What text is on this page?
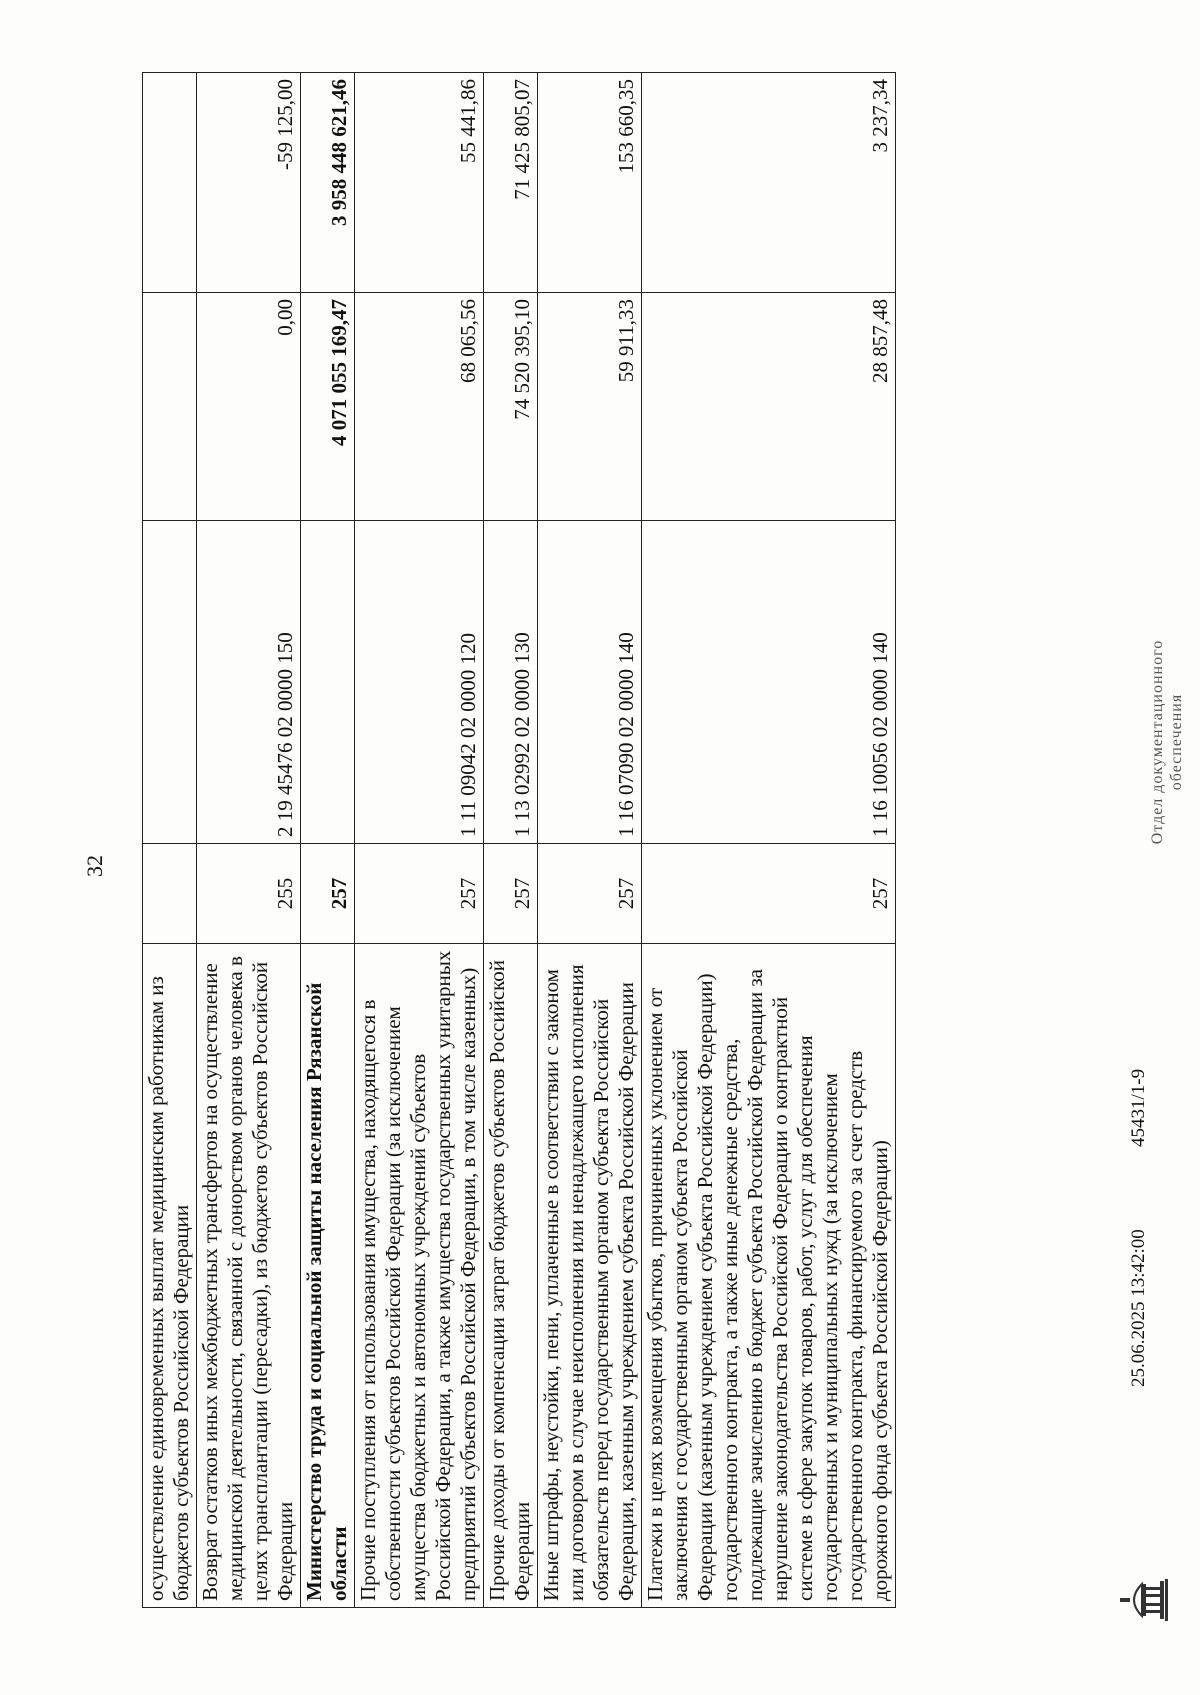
32
осуществление единовременных выплат медицинским работникам из бюджетов субъектов Российской Федерации				
Возврат остатков иных межбюджетных трансфертов на осуществление медицинской деятельности, связанной с донорством органов человека в целях трансплантации (пересадки), из бюджетов субъектов Российской Федерации	255	2 19 45476 02 0000 150	0,00	-59 125,00
Министерство труда и социальной защиты населения Рязанской области	257		4 071 055 169,47	3 958 448 621,46
Прочие поступления от использования имущества, находящегося в собственности субъектов Российской Федерации (за исключением имущества бюджетных и автономных учреждений субъектов Российской Федерации, а также имущества государственных унитарных предприятий субъектов Российской Федерации, в том числе казенных)	257	1 11 09042 02 0000 120	68 065,56	55 441,86
Прочие доходы от компенсации затрат бюджетов субъектов Российской Федерации	257	1 13 02992 02 0000 130	74 520 395,10	71 425 805,07
Иные штрафы, неустойки, пени, уплаченные в соответствии с законом или договором в случае неисполнения или ненадлежащего исполнения обязательств перед государственным органом субъекта Российской Федерации, казенным учреждением субъекта Российской Федерации	257	1 16 07090 02 0000 140	59 911,33	153 660,35
Платежи в целях возмещения убытков, причиненных уклонением от заключения с государственным органом субъекта Российской Федерации (казенным учреждением субъекта Российской Федерации) государственного контракта, а также иные денежные средства, подлежащие зачислению в бюджет субъекта Российской Федерации за нарушение законодательства Российской Федерации о контрактной системе в сфере закупок товаров, работ, услуг для обеспечения государственных и муниципальных нужд (за исключением государственного контракта, финансируемого за счет средств дорожного фонда субъекта Российской Федерации)	257	1 16 10056 02 0000 140	28 857,48	3 237,34
25.06.2025 13:42:00
45431/1-9
Отдел документационного обеспечения
